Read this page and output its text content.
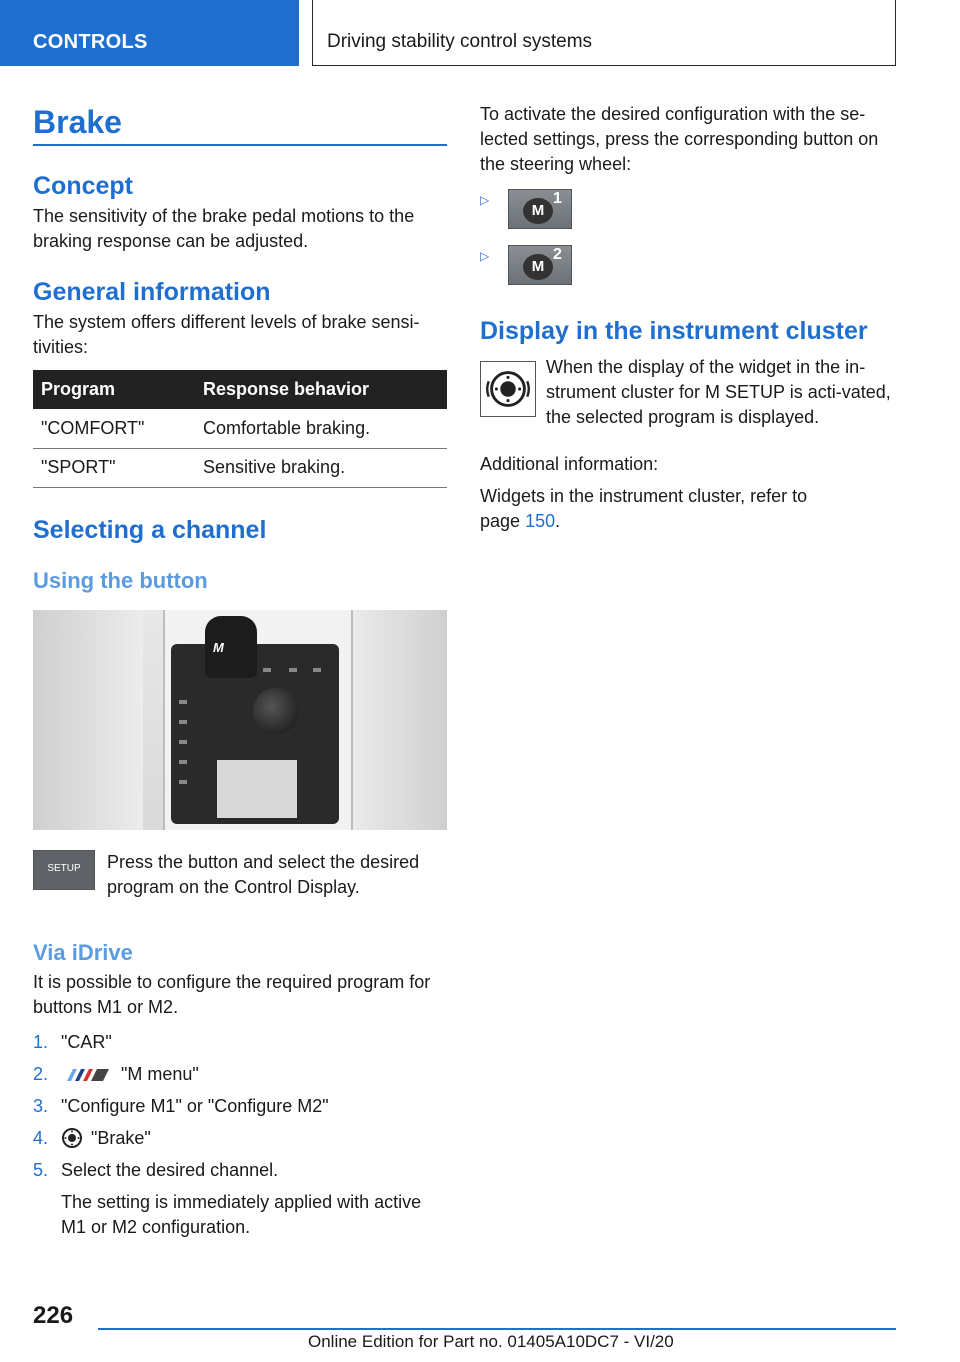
CONTROLS	Driving stability control systems
Brake
Concept
The sensitivity of the brake pedal motions to the braking response can be adjusted.
General information
The system offers different levels of brake sensi-tivities:
Program	Response behavior
"COMFORT"	Comfortable braking.
"SPORT"	Sensitive braking.
Selecting a channel
Using the button
M
SETUP	Press the button and select the desired program on the Control Display.
Via iDrive
It is possible to configure the required program for buttons M1 or M2.
1. "CAR"
2.	"M menu"
3. "Configure M1" or "Configure M2"
4.	"Brake"
5. Select the desired channel.
The setting is immediately applied with active M1 or M2 configuration.
To activate the desired configuration with the se-lected settings, press the corresponding button on the steering wheel:
▷
M
1
▷
M
2
Display in the instrument cluster
When the display of the widget in the in-strument cluster for M SETUP is acti-vated, the selected program is displayed.
Additional information:
Widgets in the instrument cluster, refer to page 150.
226
Online Edition for Part no. 01405A10DC7 - VI/20
